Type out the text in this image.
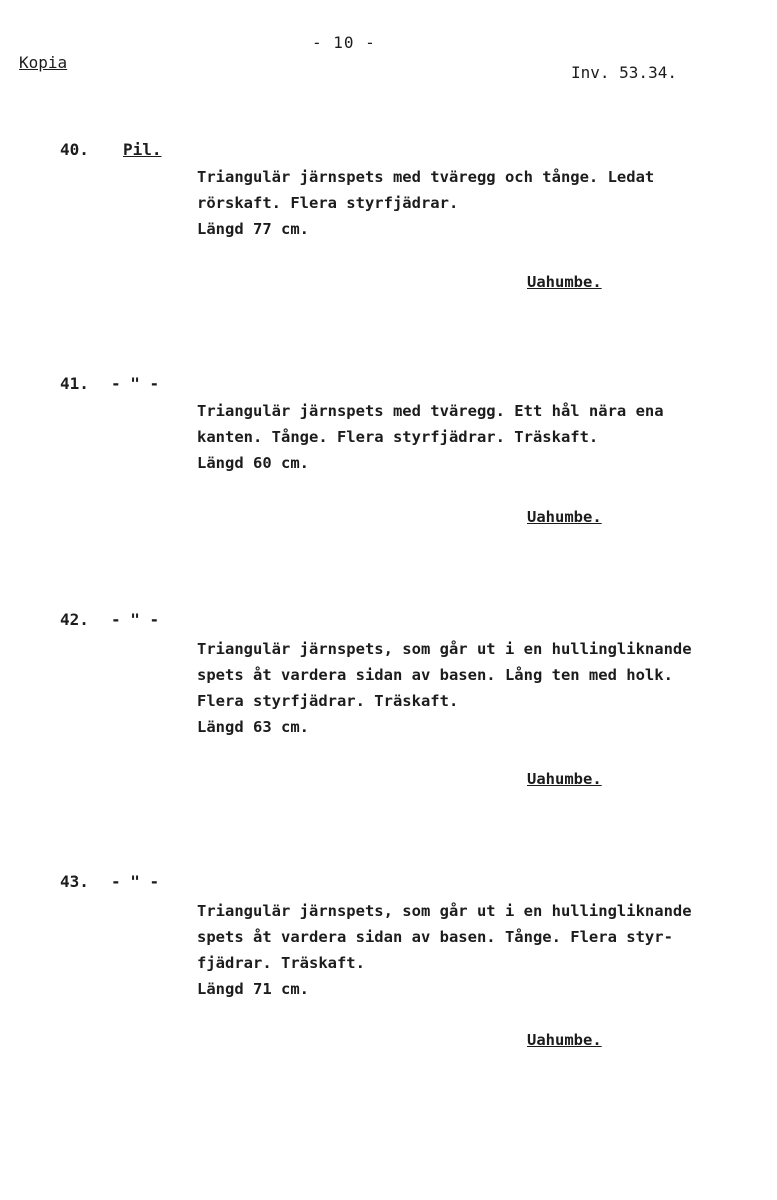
- 10 -
Kopia
Inv. 53.34.
40. Pil.
Triangulär järnspets med tväregg och tånge. Ledat
rörskaft. Flera styrfjädrar.
Längd 77 cm.
Uahumbe.
41. - " -
Triangulär järnspets med tväregg. Ett hål nära ena
kanten. Tånge. Flera styrfjädrar. Träskaft.
Längd 60 cm.
Uahumbe.
42. - " -
Triangulär järnspets, som går ut i en hullingliknande
spets åt vardera sidan av basen. Lång ten med holk.
Flera styrfjädrar. Träskaft.
Längd 63 cm.
Uahumbe.
43. - " -
Triangulär järnspets, som går ut i en hullingliknande
spets åt vardera sidan av basen. Tånge. Flera styr-
fjädrar. Träskaft.
Längd 71 cm.
Uahumbe.
